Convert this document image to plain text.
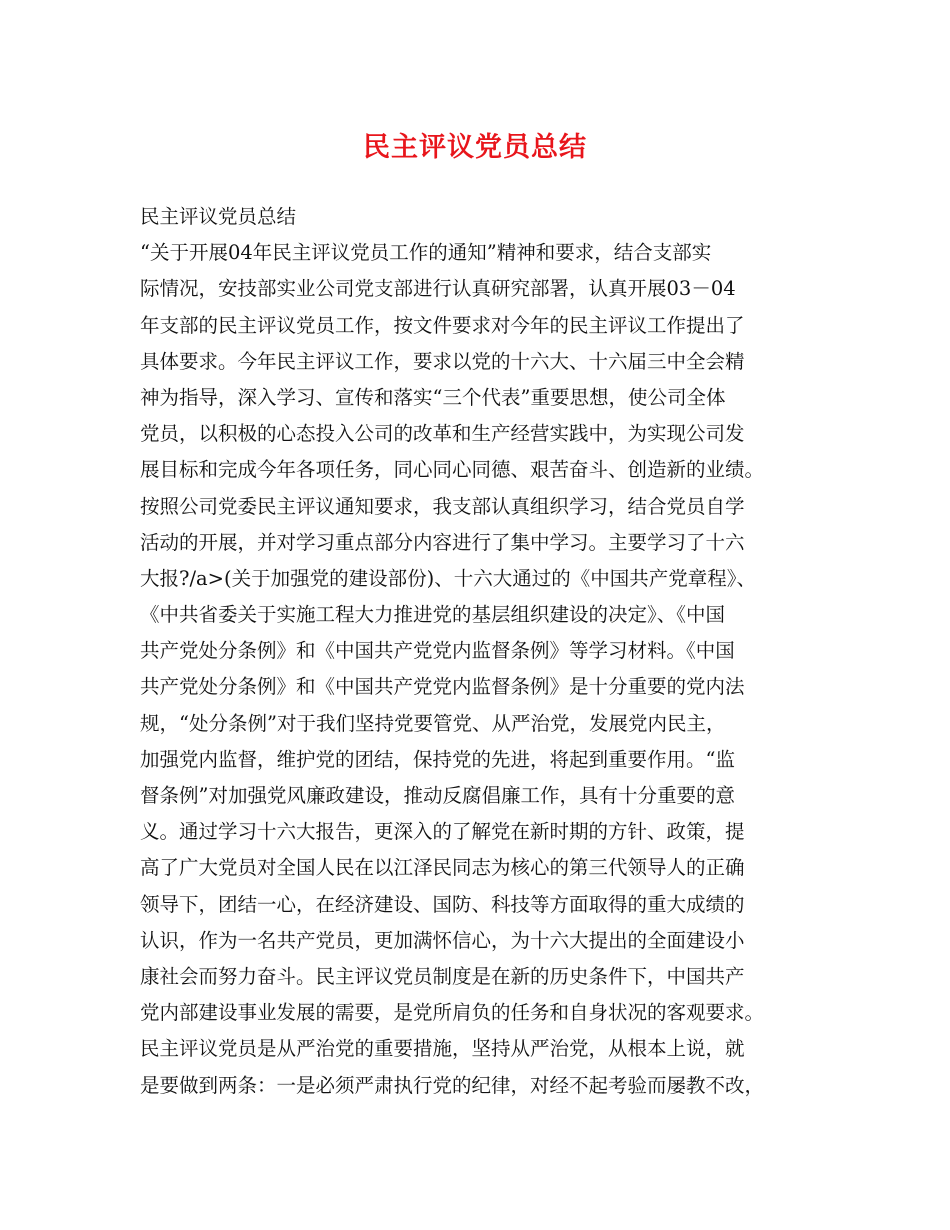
民主评议党员总结
民主评议党员总结
“关于开展04年民主评议党员工作的通知”精神和要求，结合支部实
际情况，安技部实业公司党支部进行认真研究部署，认真开展03－04
年支部的民主评议党员工作，按文件要求对今年的民主评议工作提出了
具体要求。今年民主评议工作，要求以党的十六大、十六届三中全会精
神为指导，深入学习、宣传和落实“三个代表”重要思想，使公司全体
党员，以积极的心态投入公司的改革和生产经营实践中，为实现公司发
展目标和完成今年各项任务，同心同心同德、艰苦奋斗、创造新的业绩。
按照公司党委民主评议通知要求，我支部认真组织学习，结合党员自学
活动的开展，并对学习重点部分内容进行了集中学习。主要学习了十六
大报?/a>(关于加强党的建设部份)、十六大通过的《中国共产党章程》、
《中共省委关于实施工程大力推进党的基层组织建设的决定》、《中国
共产党处分条例》和《中国共产党党内监督条例》等学习材料。《中国
共产党处分条例》和《中国共产党党内监督条例》是十分重要的党内法
规，“处分条例”对于我们坚持党要管党、从严治党，发展党内民主，
加强党内监督，维护党的团结，保持党的先进，将起到重要作用。“监
督条例”对加强党风廉政建设，推动反腐倡廉工作，具有十分重要的意
义。通过学习十六大报告，更深入的了解党在新时期的方针、政策，提
高了广大党员对全国人民在以江泽民同志为核心的第三代领导人的正确
领导下，团结一心，在经济建设、国防、科技等方面取得的重大成绩的
认识，作为一名共产党员，更加满怀信心，为十六大提出的全面建设小
康社会而努力奋斗。民主评议党员制度是在新的历史条件下，中国共产
党内部建设事业发展的需要，是党所肩负的任务和自身状况的客观要求。
民主评议党员是从严治党的重要措施，坚持从严治党，从根本上说，就
是要做到两条：一是必须严肃执行党的纪律，对经不起考验而屡教不改，
